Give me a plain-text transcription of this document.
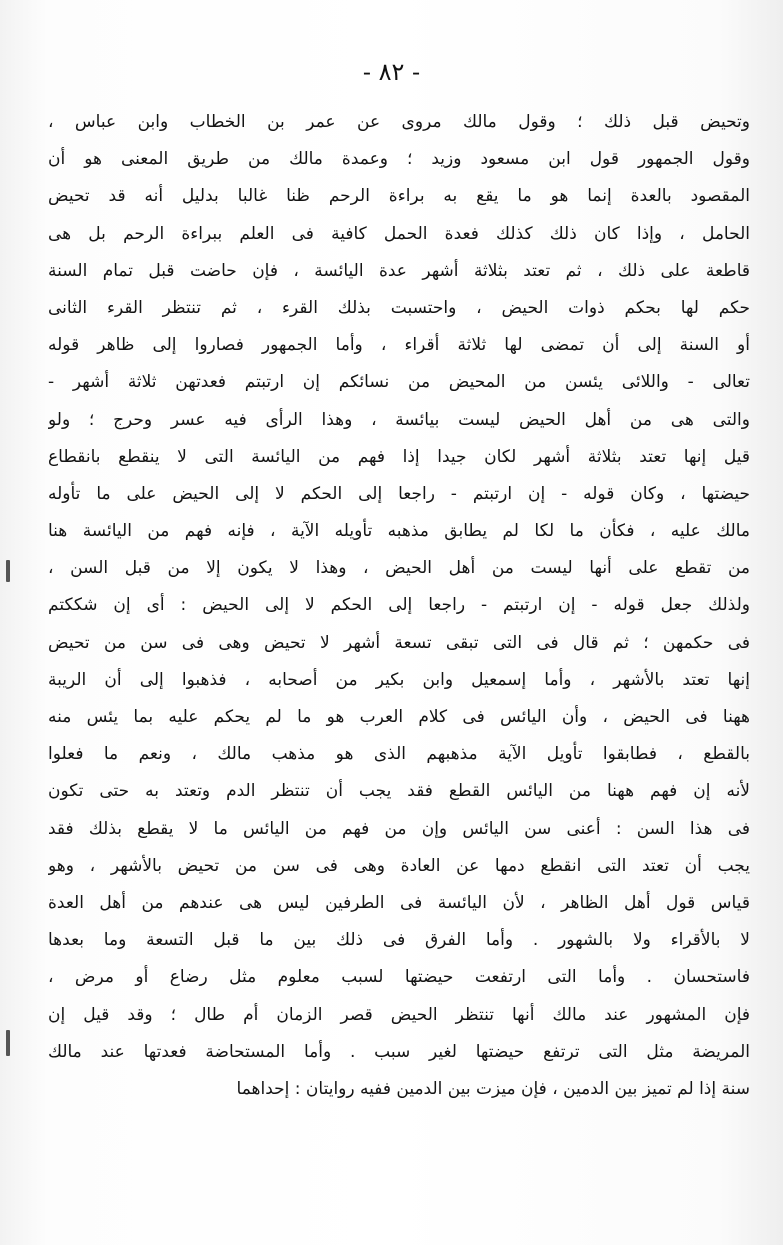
- ٨٢ -
وتحيض قبل ذلك ؛ وقول مالك مروى عن عمر بن الخطاب وابن عباس ،
وقول الجمهور قول ابن مسعود وزيد ؛ وعمدة مالك من طريق المعنى هو أن
المقصود بالعدة إنما هو ما يقع به براءة الرحم ظنا غالبا بدليل أنه قد تحيض
الحامل ، وإذا كان ذلك كذلك فعدة الحمل كافية فى العلم ببراءة الرحم بل هى
قاطعة على ذلك ، ثم تعتد بثلاثة أشهر عدة اليائسة ، فإن حاضت قبل تمام السنة
حكم لها بحكم ذوات الحيض ، واحتسبت بذلك القرء ، ثم تنتظر القرء الثانى
أو السنة إلى أن تمضى لها ثلاثة أقراء ، وأما الجمهور فصاروا إلى ظاهر قوله
تعالى - واللائى يئسن من المحيض من نسائكم إن ارتبتم فعدتهن ثلاثة أشهر -
والتى هى من أهل الحيض ليست بيائسة ، وهذا الرأى فيه عسر وحرج ؛ ولو
قيل إنها تعتد بثلاثة أشهر لكان جيدا إذا فهم من اليائسة التى لا ينقطع بانقطاع
حيضتها ، وكان قوله - إن ارتبتم - راجعا إلى الحكم لا إلى الحيض على ما تأوله
مالك عليه ، فكأن ما لكا لم يطابق مذهبه تأويله الآية ، فإنه فهم من اليائسة هنا
من تقطع على أنها ليست من أهل الحيض ، وهذا لا يكون إلا من قبل السن ،
ولذلك جعل قوله - إن ارتبتم - راجعا إلى الحكم لا إلى الحيض : أى إن شككتم
فى حكمهن ؛ ثم قال فى التى تبقى تسعة أشهر لا تحيض وهى فى سن من تحيض
إنها تعتد بالأشهر ، وأما إسمعيل وابن بكير من أصحابه ، فذهبوا إلى أن الريبة
ههنا فى الحيض ، وأن اليائس فى كلام العرب هو ما لم يحكم عليه بما يئس منه
بالقطع ، فطابقوا تأويل الآية مذهبهم الذى هو مذهب مالك ، ونعم ما فعلوا
لأنه إن فهم ههنا من اليائس القطع فقد يجب أن تنتظر الدم وتعتد به حتى تكون
فى هذا السن : أعنى سن اليائس وإن من فهم من اليائس ما لا يقطع بذلك فقد
يجب أن تعتد التى انقطع دمها عن العادة وهى فى سن من تحيض بالأشهر ، وهو
قياس قول أهل الظاهر ، لأن اليائسة فى الطرفين ليس هى عندهم من أهل العدة
لا بالأقراء ولا بالشهور . وأما الفرق فى ذلك بين ما قبل التسعة وما بعدها
فاستحسان . وأما التى ارتفعت حيضتها لسبب معلوم مثل رضاع أو مرض ،
فإن المشهور عند مالك أنها تنتظر الحيض قصر الزمان أم طال ؛ وقد قيل إن
المريضة مثل التى ترتفع حيضتها لغير سبب . وأما المستحاضة فعدتها عند مالك
سنة إذا لم تميز بين الدمين ، فإن ميزت بين الدمين ففيه روايتان : إحداهما
